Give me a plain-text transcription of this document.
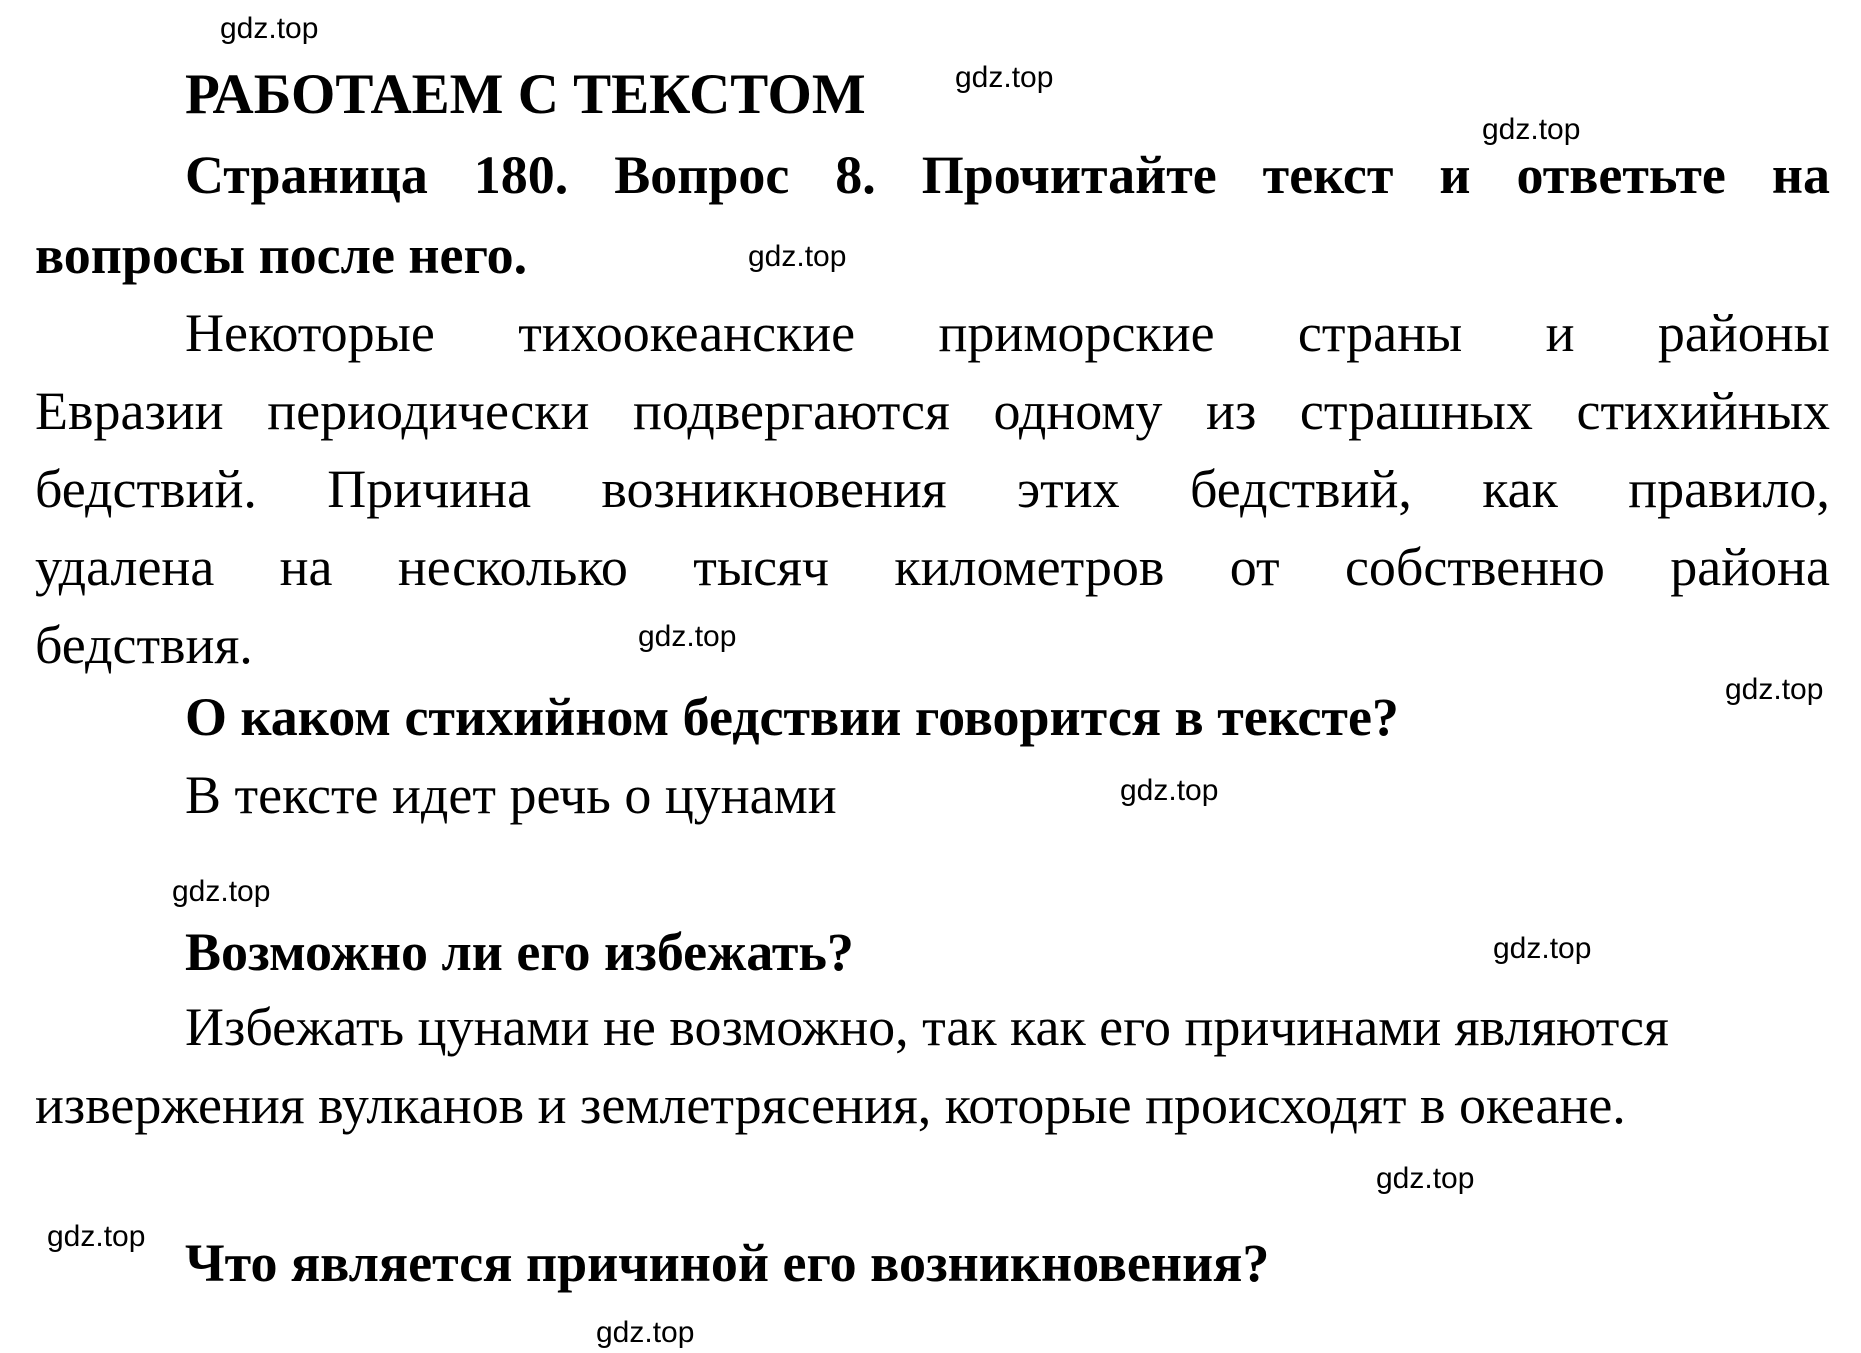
gdz.top
gdz.top
gdz.top
gdz.top
gdz.top
gdz.top
gdz.top
gdz.top
gdz.top
gdz.top
gdz.top
gdz.top
РАБОТАЕМ С ТЕКСТОМ
Страница 180. Вопрос 8. Прочитайте текст и ответьте на
вопросы после него.
Некоторые тихоокеанские приморские страны и районы
Евразии периодически подвергаются одному из страшных стихийных
бедствий. Причина возникновения этих бедствий, как правило,
удалена на несколько тысяч километров от собственно района
бедствия.
О каком стихийном бедствии говорится в тексте?
В тексте идет речь о цунами
Возможно ли его избежать?
Избежать цунами не возможно, так как его причинами являются
извержения вулканов и землетрясения, которые происходят в океане.
Что является причиной его возникновения?
